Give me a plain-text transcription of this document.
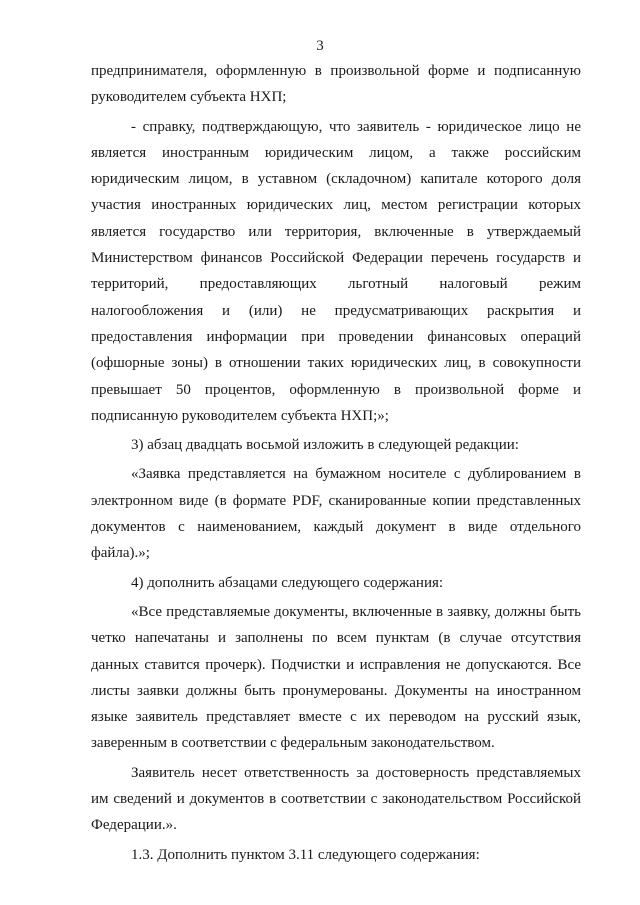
3

предпринимателя, оформленную в произвольной форме и подписанную руководителем субъекта НХП;

- справку, подтверждающую, что заявитель - юридическое лицо не является иностранным юридическим лицом, а также российским юридическим лицом, в уставном (складочном) капитале которого доля участия иностранных юридических лиц, местом регистрации которых является государство или территория, включенные в утверждаемый Министерством финансов Российской Федерации перечень государств и территорий, предоставляющих льготный налоговый режим налогообложения и (или) не предусматривающих раскрытия и предоставления информации при проведении финансовых операций (офшорные зоны) в отношении таких юридических лиц, в совокупности превышает 50 процентов, оформленную в произвольной форме и подписанную руководителем субъекта НХП;»;

3) абзац двадцать восьмой изложить в следующей редакции:

«Заявка представляется на бумажном носителе с дублированием в электронном виде (в формате PDF, сканированные копии представленных документов с наименованием, каждый документ в виде отдельного файла).»;

4) дополнить абзацами следующего содержания:

«Все представляемые документы, включенные в заявку, должны быть четко напечатаны и заполнены по всем пунктам (в случае отсутствия данных ставится прочерк). Подчистки и исправления не допускаются. Все листы заявки должны быть пронумерованы. Документы на иностранном языке заявитель представляет вместе с их переводом на русский язык, заверенным в соответствии с федеральным законодательством.

Заявитель несет ответственность за достоверность представляемых им сведений и документов в соответствии с законодательством Российской Федерации.».

1.3. Дополнить пунктом 3.11 следующего содержания:
